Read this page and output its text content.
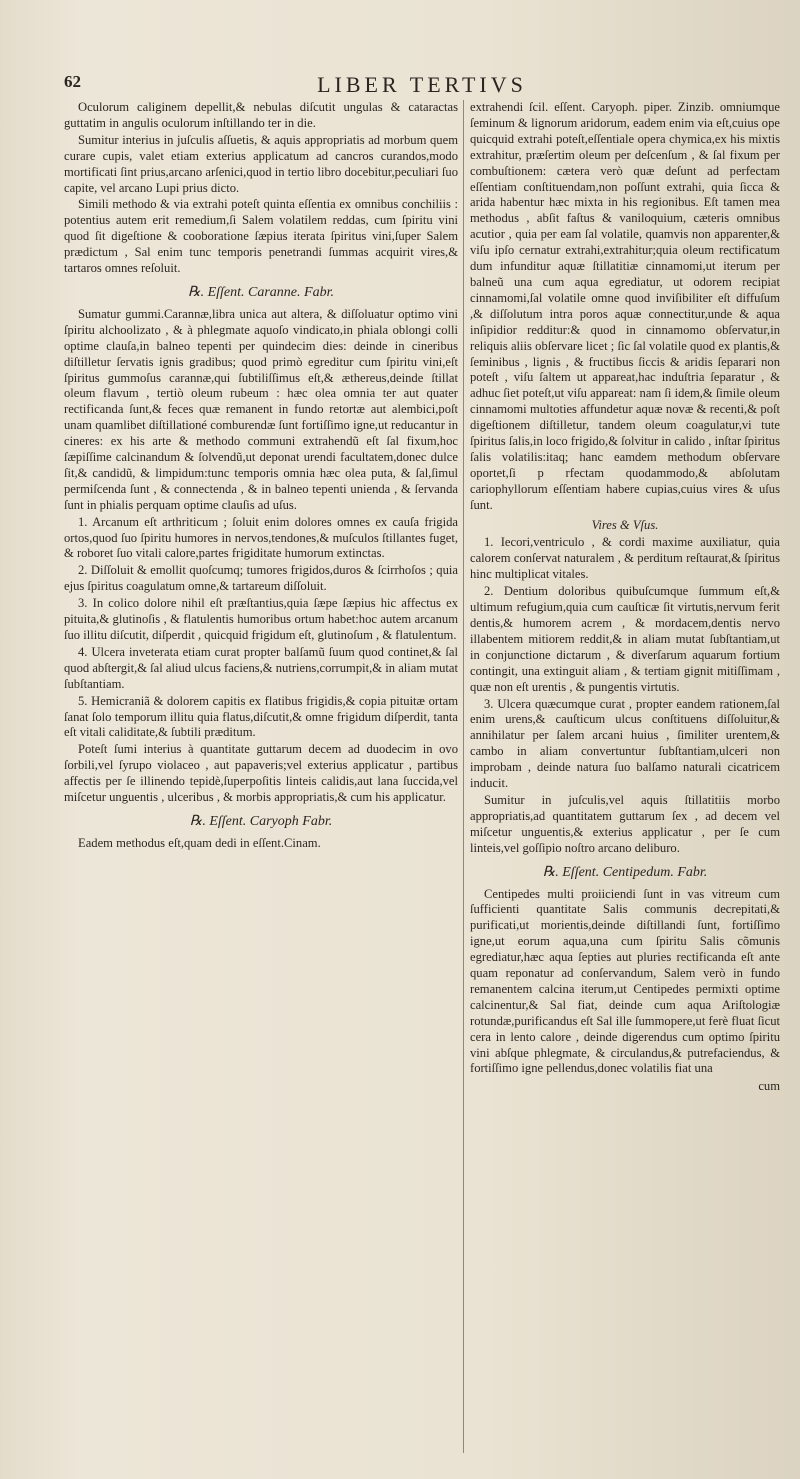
62	LIBER TERTIVS

Oculorum caliginem depellit,& nebulas diſcutit ungulas & cataractas guttatim in angulis oculorum inſtillando ter in die.

Sumitur interius in juſculis aſſuetis, & aquis appropriatis ad morbum quem curare cupis, valet etiam exterius applicatum ad cancros curandos,modo mortificati ſint prius,arcano arſenici,quod in tertio libro docebitur,peculiari ſuo capite, vel arcano Lupi prius dicto.

Simili methodo & via extrahi poteſt quinta eſſentia ex omnibus conchiliis : potentius autem erit remedium,ſi Salem volatilem reddas, cum ſpiritu vini quod ſit digeſtione & cooboratione ſæpius iterata ſpiritus vini,ſuper Salem prædictum , Sal enim tunc temporis penetrandi ſummas acquirit vires,& tartaros omnes reſoluit.

℞. Eſſent. Caranne. Fabr.

Sumatur gummi.Carannæ,libra unica aut altera, & diſſoluatur optimo vini ſpiritu alchoolizato , & à phlegmate aquoſo vindicato,in phiala oblongi colli optime clauſa,in balneo tepenti per quindecim dies: deinde in cineribus diſtilletur ſervatis ignis gradibus; quod primò egreditur cum ſpiritu vini,eſt ſpiritus gummoſus carannæ,qui ſubtiliſſimus eſt,& æthereus,deinde ſtillat oleum flavum , tertiò oleum rubeum : hæc olea omnia ter aut quater rectificanda ſunt,& feces quæ remanent in fundo retortæ aut alembici,poſt unam quamlibet diſtillationé comburendæ ſunt fortiſſimo igne,ut reducantur in cineres: ex his arte & methodo communi extrahendũ eſt ſal fixum,hoc ſæpiſſime calcinandum & ſolvendũ,ut deponat urendi facultatem,donec dulce ſit,& candidũ, & limpidum:tunc temporis omnia hæc olea puta, & ſal,ſimul permiſcenda ſunt , & connectenda , & in balneo tepenti unienda , & ſervanda ſunt in phialis perquam optime clauſis ad uſus.

1. Arcanum eſt arthriticum ; ſoluit enim dolores omnes ex cauſa frigida ortos,quod ſuo ſpiritu humores in nervos,tendones,& muſculos ſtillantes fuget, & roboret ſuo vitali calore,partes frigiditate humorum extinctas.

2. Diſſoluit & emollit quoſcumq; tumores frigidos,duros & ſcirrhoſos ; quia ejus ſpiritus coagulatum omne,& tartareum diſſoluit.

3. In colico dolore nihil eſt præſtantius,quia ſæpe ſæpius hic affectus ex pituita,& glutinoſis , & flatulentis humoribus ortum habet:hoc autem arcanum ſuo illitu diſcutit, diſperdit , quicquid frigidum eſt, glutinoſum , & flatulentum.

4. Ulcera inveterata etiam curat propter balſamũ ſuum quod continet,& ſal quod abſtergit,& ſal aliud ulcus faciens,& nutriens,corrumpit,& in aliam mutat ſubſtantiam.

5. Hemicraniã & dolorem capitis ex flatibus frigidis,& copia pituitæ ortam ſanat ſolo temporum illitu quia flatus,diſcutit,& omne frigidum diſperdit, tanta eſt vitali caliditate,& ſubtili præditum.

Poteſt ſumi interius à quantitate guttarum decem ad duodecim in ovo ſorbili,vel ſyrupo violaceo , aut papaveris;vel exterius applicatur , partibus affectis per ſe illinendo tepidè,ſuperpoſitis linteis calidis,aut lana ſuccida,vel miſcetur unguentis , ulceribus , & morbis appropriatis,& cum his applicatur.

℞. Eſſent. Caryoph Fabr.

Eadem methodus eſt,quam dedi in eſſent.Cinam.

extrahendi ſcil. eſſent. Caryoph. piper. Zinzib. omniumque ſeminum & lignorum aridorum, eadem enim via eſt,cuius ope quicquid extrahi poteſt,eſſentiale opera chymica,ex his mixtis extrahitur, præſertim oleum per deſcenſum , & ſal fixum per combuſtionem: cætera verò quæ deſunt ad perfectam eſſentiam conſtituendam,non poſſunt extrahi, quia ſicca & arida habentur hæc mixta in his regionibus. Eſt tamen mea methodus , abſit faſtus & vaniloquium, cæteris omnibus acutior , quia per eam ſal volatile, quamvis non apparenter,& viſu ipſo cernatur extrahi,extrahitur;quia oleum rectificatum dum infunditur aquæ ſtillatitiæ cinnamomi,ut iterum per balneũ una cum aqua egrediatur, ut odorem recipiat cinnamomi,ſal volatile omne quod inviſibiliter eſt diffuſum ,& diſſolutum intra poros aquæ connectitur,unde & aqua inſipidior redditur:& quod in cinnamomo obſervatur,in reliquis aliis obſervare licet ; ſic ſal volatile quod ex plantis,& ſeminibus , lignis , & fructibus ſiccis & aridis ſeparari non poteſt , viſu ſaltem ut appareat,hac induſtria ſeparatur , & adhuc ſiet poteſt,ut viſu appareat: nam ſi idem,& ſimile oleum cinnamomi multoties affundetur aquæ novæ & recenti,& poſt digeſtionem diſtilletur, tandem oleum coagulatur,vi tute ſpiritus ſalis,in loco frigido,& ſolvitur in calido , inſtar ſpiritus ſalis volatilis:itaq; hanc eamdem methodum obſervare oportet,ſi p rfectam quodammodo,& abſolutam cariophyllorum eſſentiam habere cupias,cuius vires & uſus ſunt.

Vires & Vſus.

1. Iecori,ventriculo , & cordi maxime auxiliatur, quia calorem conſervat naturalem , & perditum reſtaurat,& ſpiritus hinc multiplicat vitales.

2. Dentium doloribus quibuſcumque ſummum eſt,& ultimum refugium,quia cum cauſticæ ſit virtutis,nervum ferit dentis,& humorem acrem , & mordacem,dentis nervo illabentem mitiorem reddit,& in aliam mutat ſubſtantiam,ut in conjunctione dictarum , & diverſarum aquarum fortium contingit, una extinguit aliam , & tertiam gignit mitiſſimam , quæ non eſt urentis , & pungentis virtutis.

3. Ulcera quæcumque curat , propter eandem rationem,ſal enim urens,& cauſticum ulcus conſtituens diſſoluitur,& annihilatur per ſalem arcani huius , ſimiliter urentem,& cambo in aliam convertuntur ſubſtantiam,ulceri non improbam , deinde natura ſuo balſamo naturali cicatricem inducit.

Sumitur in juſculis,vel aquis ſtillatitiis morbo appropriatis,ad quantitatem guttarum ſex , ad decem vel miſcetur unguentis,& exterius applicatur , per ſe cum linteis,vel goſſipio noſtro arcano deliburo.

℞. Eſſent. Centipedum. Fabr.

Centipedes multi proiiciendi ſunt in vas vitreum cum ſufficienti quantitate Salis communis decrepitati,& purificati,ut morientis,deinde diſtillandi ſunt, fortiſſimo igne,ut eorum aqua,una cum ſpiritu Salis cõmunis egrediatur,hæc aqua ſepties aut pluries rectificanda eſt ante quam reponatur ad conſervandum, Salem verò in fundo remanentem calcina iterum,ut Centipedes permixti optime calcinentur,& Sal fiat, deinde cum aqua Ariſtologiæ rotundæ,purificandus eſt Sal ille ſummopere,ut ferè fluat ſicut cera in lento calore , deinde digerendus cum optimo ſpiritu vini abſque phlegmate, & circulandus,& putrefaciendus, & fortiſſimo igne pellendus,donec volatilis fiat una

cum
